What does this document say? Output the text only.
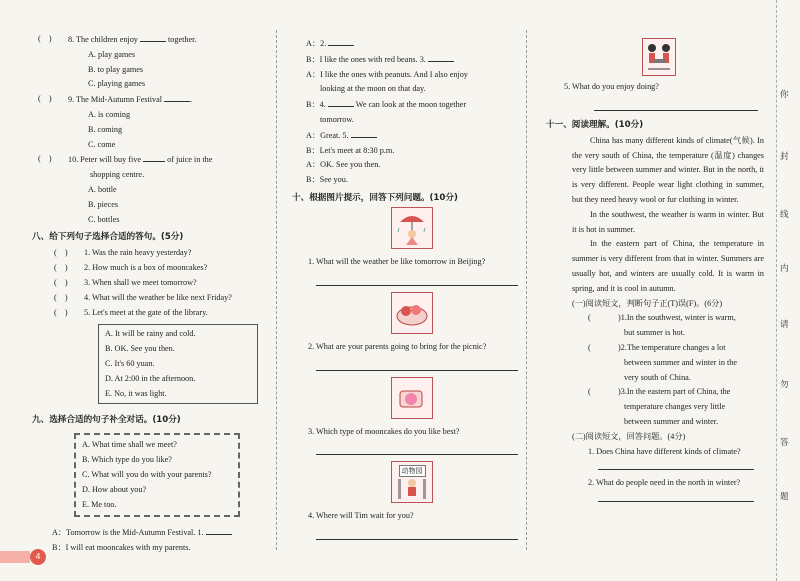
( )	8. The children enjoy	together.
A. play games
B. to play games
C. playing games
( )	9. The Mid-Autumn Festival	.
A. is coming
B. coming
C. come
( )	10. Peter will buy five	of juice in the
shopping centre.
A. bottle
B. pieces
C. bottles
八、给下列句子选择合适的答句。(5分)
( )	1. Was the rain heavy yesterday?
( )	2. How much is a box of mooncakes?
( )	3. When shall we meet tomorrow?
( )	4. What will the weather be like next Friday?
( )	5. Let's meet at the gate of the library.
A. It will be rainy and cold.
B. OK. See you then.
C. It's 60 yuan.
D. At 2:00 in the afternoon.
E. No, it was light.
九、选择合适的句子补全对话。(10分)
A. What time shall we meet?
B. Which type do you like?
C. What will you do with your parents?
D. How about you?
E. Me too.
A：Tomorrow is the Mid-Autumn Festival. 1.
B：I will eat mooncakes with my parents.
A：2.
B：I like the ones with red beans. 3.
A：I like the ones with peanuts. And I also enjoy
looking at the moon on that day.
B：4.	We can look at the moon together
tomorrow.
A：Great. 5.
B：Let's meet at 8:30 p.m.
A：OK. See you then.
B：See you.
十、根据图片提示，回答下列问题。(10分)
1. What will the weather be like tomorrow in Beijing?
2. What are your parents going to bring for the picnic?
3. Which type of mooncakes do you like best?
动物园
4. Where will Tim wait for you?
5. What do you enjoy doing?
十一、阅读理解。(10分)
China has many different kinds of climate(气候). In the very south of China, the temperature (温度) changes very little between summer and winter. But in the north, it is very different. People wear light clothing in summer, but they need heavy wool or fur clothing in winter.
In the southwest, the weather is warm in winter. But it is hot in summer.
In the eastern part of China, the temperature in summer is very different from that in winter. Summers are usually hot, and winters are usually cold. It is warm in spring, and it is cool in autumn.
(一)阅读短文，判断句子正(T)误(F)。(6分)
(	)1. In the southwest, winter is warm,
but summer is hot.
(	)2. The temperature changes a lot
between summer and winter in the
very south of China.
(	)3. In the eastern part of China, the
temperature changes very little
between summer and winter.
(二)阅读短文，回答问题。(4分)
1. Does China have different kinds of climate?
2. What do people need in the north in winter?
你
封
线
内
请
勿
答
题
4
